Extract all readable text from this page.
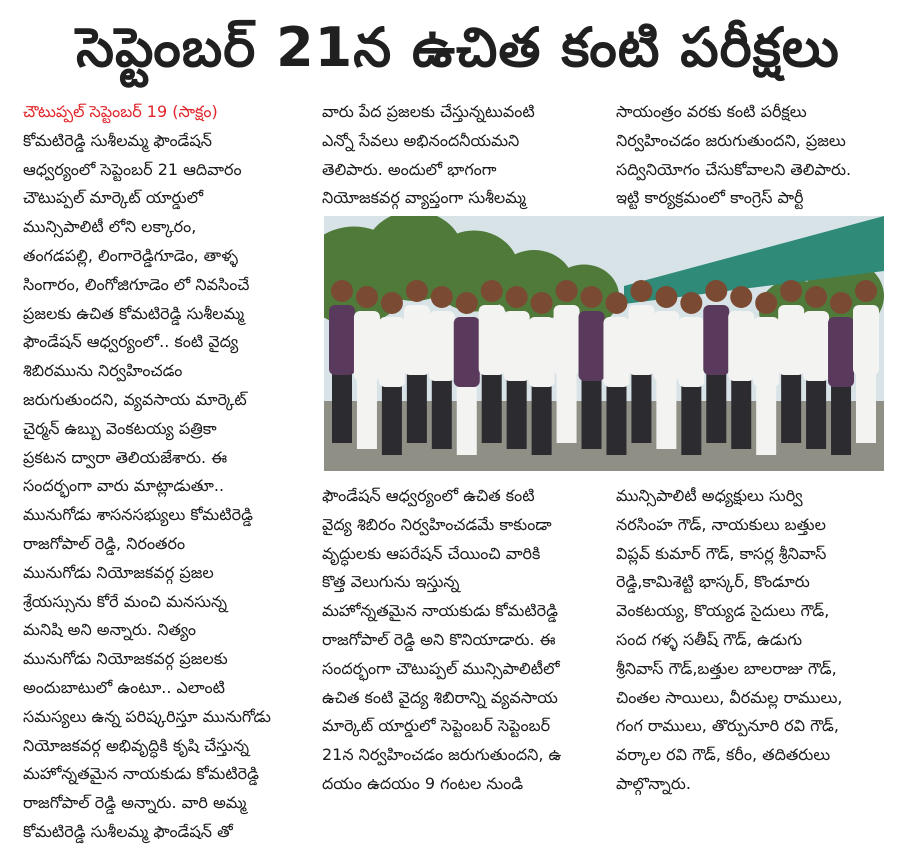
సెప్టెంబర్ 21న ఉచిత కంటి పరీక్షలు
చౌటుప్పల్ సెప్టెంబర్ 19 (సాక్షం)
కోమటిరెడ్డి సుశీలమ్మ ఫౌండేషన్
ఆధ్వర్యంలో సెప్టెంబర్ 21 ఆదివారం
చౌటుప్పల్ మార్కెట్ యార్డులో
మున్సిపాలిటీ లోని లక్కారం,
తంగడపల్లి, లింగారెడ్డిగూడెం, తాళ్ళ
సింగారం, లింగోజిగూడెం లో నివసించే
ప్రజలకు ఉచిత కోమటిరెడ్డి సుశీలమ్మ
ఫౌండేషన్ ఆధ్వర్యంలో.. కంటి వైద్య
శిబిరమును నిర్వహించడం
జరుగుతుందని, వ్యవసాయ మార్కెట్
చైర్మన్ ఉబ్బు వెంకటయ్య పత్రికా
ప్రకటన ద్వారా తెలియజేశారు. ఈ
సందర్భంగా వారు మాట్లాడుతూ..
మునుగోడు శాసనసభ్యులు కోమటిరెడ్డి
రాజగోపాల్ రెడ్డి, నిరంతరం
మునుగోడు నియోజకవర్గ ప్రజల
శ్రేయస్సును కోరే మంచి మనసున్న
మనిషి అని అన్నారు. నిత్యం
మునుగోడు నియోజకవర్గ ప్రజలకు
అందుబాటులో ఉంటూ.. ఎలాంటి
సమస్యలు ఉన్న పరిష్కరిస్తూ మునుగోడు
నియోజకవర్గ అభివృద్ధికి కృషి చేస్తున్న
మహోన్నతమైన నాయకుడు కోమటిరెడ్డి
రాజగోపాల్ రెడ్డి అన్నారు. వారి అమ్మ
కోమటిరెడ్డి సుశీలమ్మ ఫౌండేషన్ తో
వారు పేద ప్రజలకు చేస్తున్నటువంటి
ఎన్నో సేవలు అభినందనీయమని
తెలిపారు. అందులో భాగంగా
నియోజకవర్గ వ్యాప్తంగా సుశీలమ్మ
సాయంత్రం వరకు కంటి పరీక్షలు
నిర్వహించడం జరుగుతుందని, ప్రజలు
సద్వినియోగం చేసుకోవాలని తెలిపారు.
ఇట్టి కార్యక్రమంలో కాంగ్రెస్ పార్టీ
ఫౌండేషన్ ఆధ్వర్యంలో ఉచిత కంటి
వైద్య శిబిరం నిర్వహించడమే కాకుండా
వృద్ధులకు ఆపరేషన్ చేయించి వారికి
కొత్త వెలుగును ఇస్తున్న
మహోన్నతమైన నాయకుడు కోమటిరెడ్డి
రాజగోపాల్ రెడ్డి అని కొనియాడారు. ఈ
సందర్భంగా చౌటుప్పల్ మున్సిపాలిటీలో
ఉచిత కంటి వైద్య శిబిరాన్ని వ్యవసాయ
మార్కెట్ యార్డులో సెప్టెంబర్ సెప్టెంబర్
21న నిర్వహించడం జరుగుతుందని, ఉ
దయం ఉదయం 9 గంటల నుండి
మున్సిపాలిటీ అధ్యక్షులు సుర్వి
నరసింహ గౌడ్, నాయకులు బత్తుల
విప్లవ్ కుమార్ గౌడ్, కాసర్ల శ్రీనివాస్
రెడ్డి,కామిశెట్టి భాస్కర్, కొండూరు
వెంకటయ్య, కొయ్యడ సైదులు గౌడ్,
సంద గళ్ళ సతీష్ గౌడ్, ఉడుగు
శ్రీనివాస్ గౌడ్,బత్తుల బాలరాజు గౌడ్,
చింతల సాయిలు, వీరమల్ల రాములు,
గంగ రాములు, తొర్పునూరి రవి గౌడ్,
వర్కాల రవి గౌడ్, కరీం, తదితరులు
పాల్గొన్నారు.
